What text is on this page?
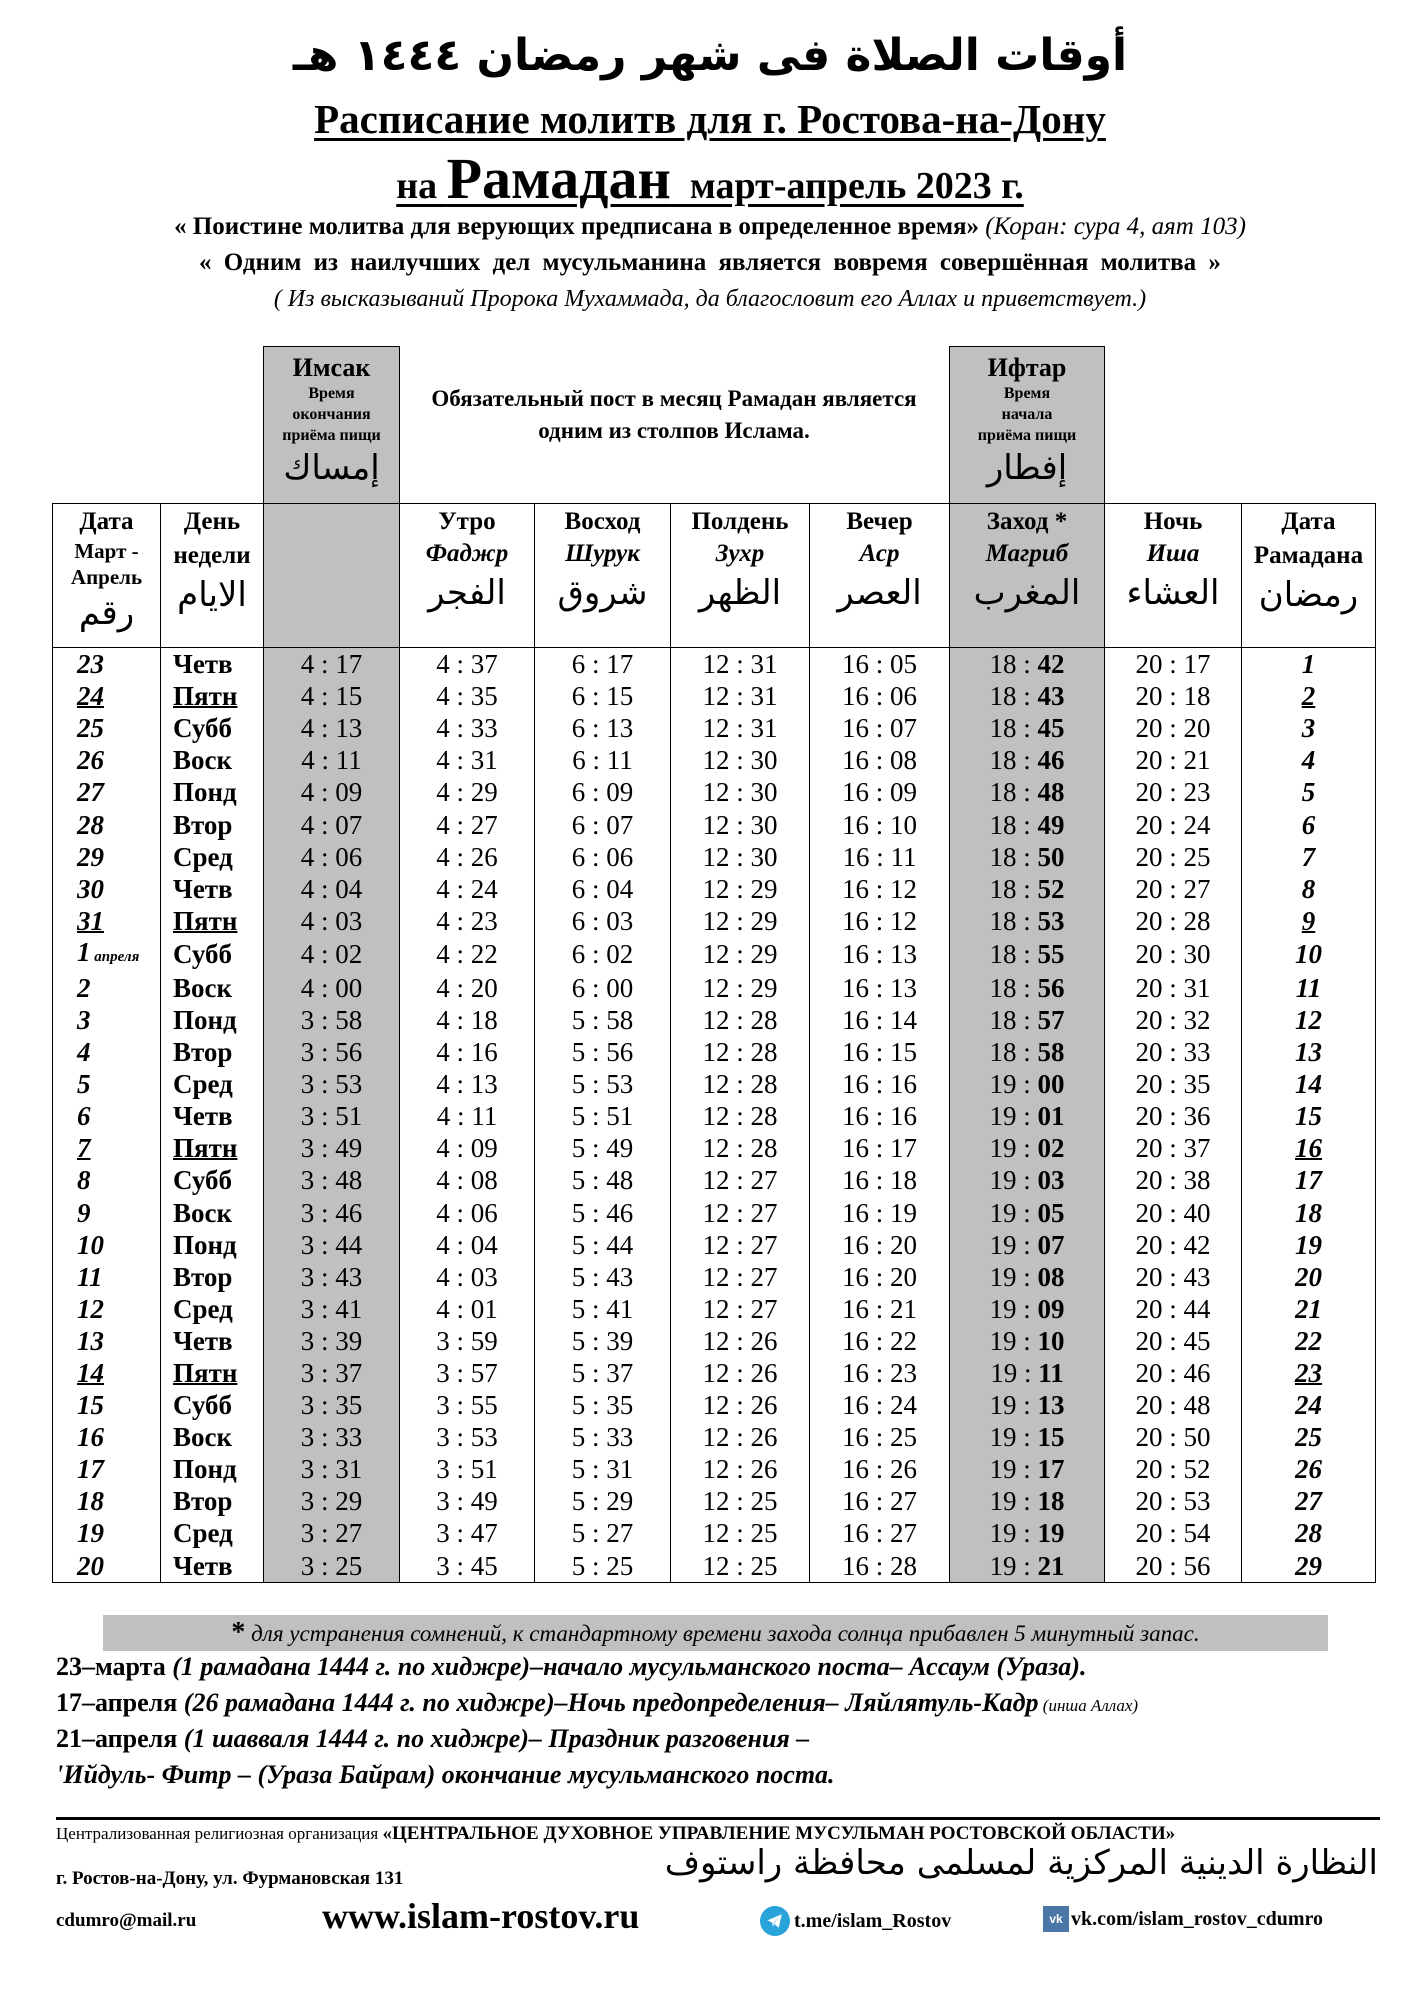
أوقات الصلاة فى شهر رمضان ١٤٤٤ هـ
Расписание молитв для г. Ростова-на-Дону
на Рамадан  март-апрель 2023 г.
« Поистине молитва для верующих предписана в определенное время» (Коран: сура 4, аят 103)
« Одним из наилучших дел мусульманина является вовремя совершённая молитва »
( Из высказываний Пророка Мухаммада, да благословит его Аллах и приветствует.)
Имсак
Время
окончания
приёма пищи
إمساك
Обязательный пост в месяц Рамадан является одним из столпов Ислама.
Ифтар
Время
начала
приёма пищи
إفطار
Дата
Март -
Апрель
رقم

День
недели
الايام

Утро
Фаджр
الفجر

Восход
Шурук
شروق

Полдень
Зухр
الظهر

Вечер
Аср
العصر

Заход *
Магриб
المغرب

Ночь
Иша
العشاء

Дата
Рамадана
رمضان

23	Четв	4 : 17	4 : 37	6 : 17	12 : 31	16 : 05	18 : 42	20 : 17	1
24	Пятн	4 : 15	4 : 35	6 : 15	12 : 31	16 : 06	18 : 43	20 : 18	2
25	Субб	4 : 13	4 : 33	6 : 13	12 : 31	16 : 07	18 : 45	20 : 20	3
26	Воск	4 : 11	4 : 31	6 : 11	12 : 30	16 : 08	18 : 46	20 : 21	4
27	Понд	4 : 09	4 : 29	6 : 09	12 : 30	16 : 09	18 : 48	20 : 23	5
28	Втор	4 : 07	4 : 27	6 : 07	12 : 30	16 : 10	18 : 49	20 : 24	6
29	Сред	4 : 06	4 : 26	6 : 06	12 : 30	16 : 11	18 : 50	20 : 25	7
30	Четв	4 : 04	4 : 24	6 : 04	12 : 29	16 : 12	18 : 52	20 : 27	8
31	Пятн	4 : 03	4 : 23	6 : 03	12 : 29	16 : 12	18 : 53	20 : 28	9
1 апреля	Субб	4 : 02	4 : 22	6 : 02	12 : 29	16 : 13	18 : 55	20 : 30	10
2	Воск	4 : 00	4 : 20	6 : 00	12 : 29	16 : 13	18 : 56	20 : 31	11
3	Понд	3 : 58	4 : 18	5 : 58	12 : 28	16 : 14	18 : 57	20 : 32	12
4	Втор	3 : 56	4 : 16	5 : 56	12 : 28	16 : 15	18 : 58	20 : 33	13
5	Сред	3 : 53	4 : 13	5 : 53	12 : 28	16 : 16	19 : 00	20 : 35	14
6	Четв	3 : 51	4 : 11	5 : 51	12 : 28	16 : 16	19 : 01	20 : 36	15
7	Пятн	3 : 49	4 : 09	5 : 49	12 : 28	16 : 17	19 : 02	20 : 37	16
8	Субб	3 : 48	4 : 08	5 : 48	12 : 27	16 : 18	19 : 03	20 : 38	17
9	Воск	3 : 46	4 : 06	5 : 46	12 : 27	16 : 19	19 : 05	20 : 40	18
10	Понд	3 : 44	4 : 04	5 : 44	12 : 27	16 : 20	19 : 07	20 : 42	19
11	Втор	3 : 43	4 : 03	5 : 43	12 : 27	16 : 20	19 : 08	20 : 43	20
12	Сред	3 : 41	4 : 01	5 : 41	12 : 27	16 : 21	19 : 09	20 : 44	21
13	Четв	3 : 39	3 : 59	5 : 39	12 : 26	16 : 22	19 : 10	20 : 45	22
14	Пятн	3 : 37	3 : 57	5 : 37	12 : 26	16 : 23	19 : 11	20 : 46	23
15	Субб	3 : 35	3 : 55	5 : 35	12 : 26	16 : 24	19 : 13	20 : 48	24
16	Воск	3 : 33	3 : 53	5 : 33	12 : 26	16 : 25	19 : 15	20 : 50	25
17	Понд	3 : 31	3 : 51	5 : 31	12 : 26	16 : 26	19 : 17	20 : 52	26
18	Втор	3 : 29	3 : 49	5 : 29	12 : 25	16 : 27	19 : 18	20 : 53	27
19	Сред	3 : 27	3 : 47	5 : 27	12 : 25	16 : 27	19 : 19	20 : 54	28
20	Четв	3 : 25	3 : 45	5 : 25	12 : 25	16 : 28	19 : 21	20 : 56	29
* для устранения сомнений, к стандартному времени захода солнца прибавлен 5 минутный запас.
23–марта (1 рамадана 1444 г. по хиджре)–начало мусульманского поста– Ассаум (Ураза).
17–апреля (26 рамадана 1444 г. по хиджре)–Ночь предопределения– Ляйлятуль-Кадр (инша Аллах)
21–апреля (1 шавваля 1444 г. по хиджре)– Праздник разговения –
'Ийдуль- Фитр – (Ураза Байрам) окончание мусульманского поста.
Централизованная религиозная организация «ЦЕНТРАЛЬНОЕ ДУХОВНОЕ УПРАВЛЕНИЕ МУСУЛЬМАН РОСТОВСКОЙ ОБЛАСТИ»
النظارة الدينية المركزية لمسلمى محافظة راستوف
г. Ростов-на-Дону, ул. Фурмановская 131
cdumro@mail.ru	www.islam-rostov.ru	t.me/islam_Rostov	vk vk.com/islam_rostov_cdumro
